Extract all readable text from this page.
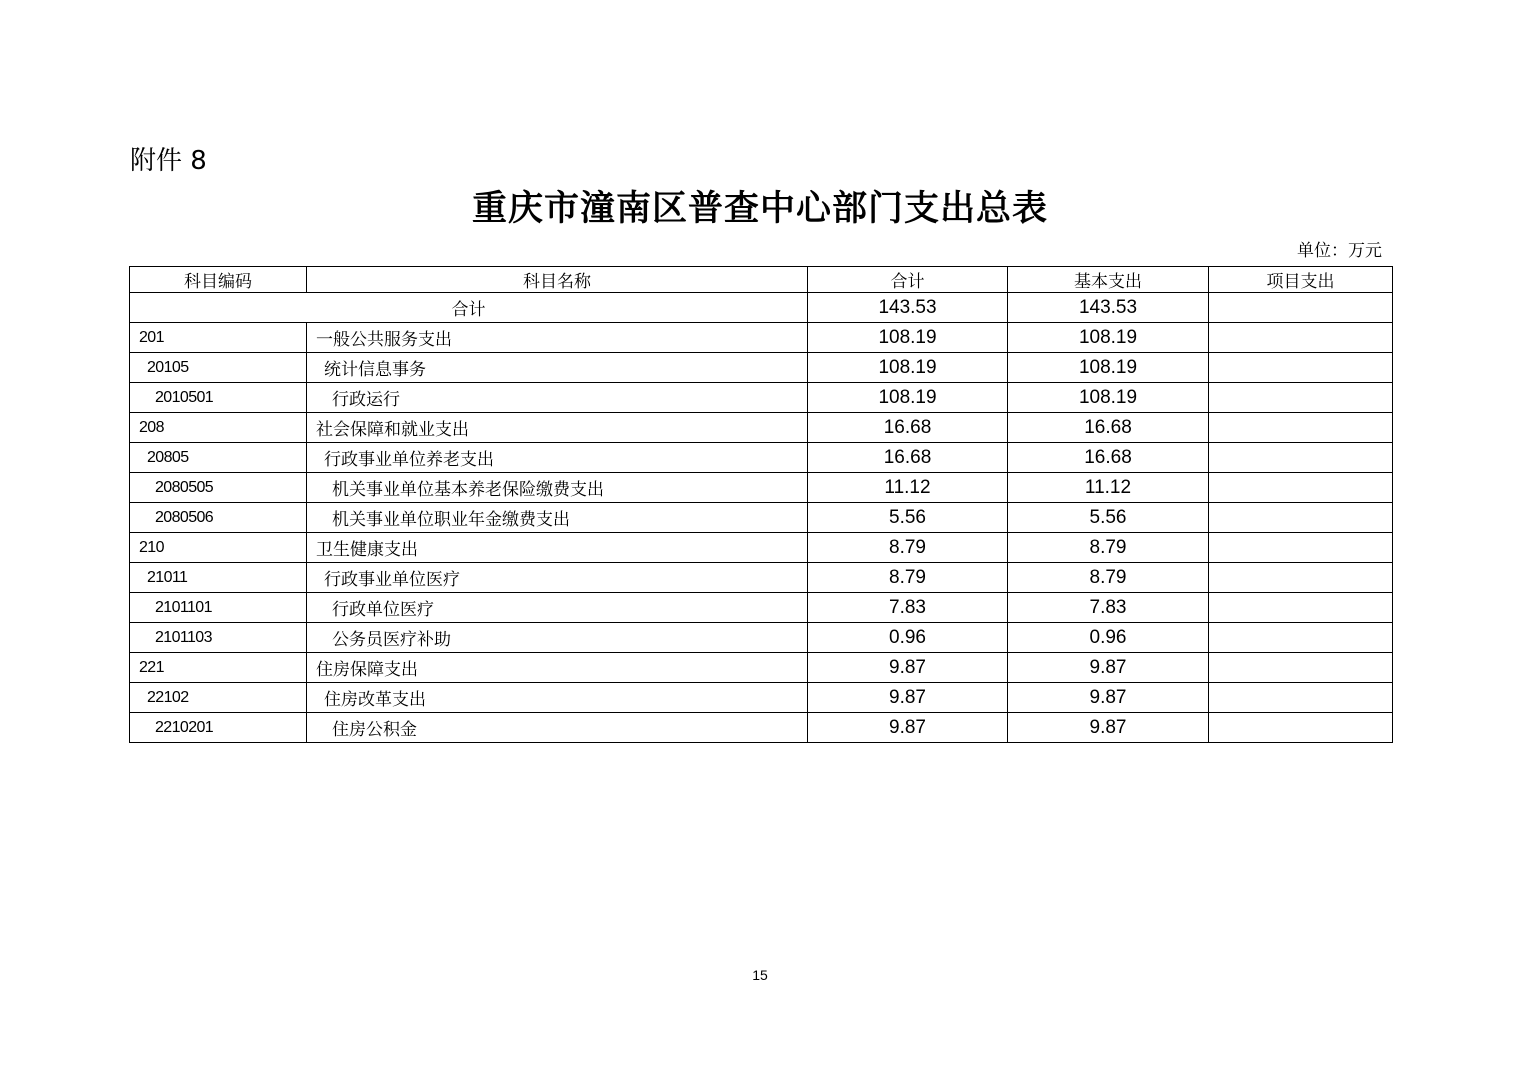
附件 8
重庆市潼南区普查中心部门支出总表
单位：万元
科目编码	科目名称	合计	基本支出	项目支出
合计		143.53	143.53	
201	一般公共服务支出	108.19	108.19	
20105	统计信息事务	108.19	108.19	
2010501	行政运行	108.19	108.19	
208	社会保障和就业支出	16.68	16.68	
20805	行政事业单位养老支出	16.68	16.68	
2080505	机关事业单位基本养老保险缴费支出	11.12	11.12	
2080506	机关事业单位职业年金缴费支出	5.56	5.56	
210	卫生健康支出	8.79	8.79	
21011	行政事业单位医疗	8.79	8.79	
2101101	行政单位医疗	7.83	7.83	
2101103	公务员医疗补助	0.96	0.96	
221	住房保障支出	9.87	9.87	
22102	住房改革支出	9.87	9.87	
2210201	住房公积金	9.87	9.87	
15
